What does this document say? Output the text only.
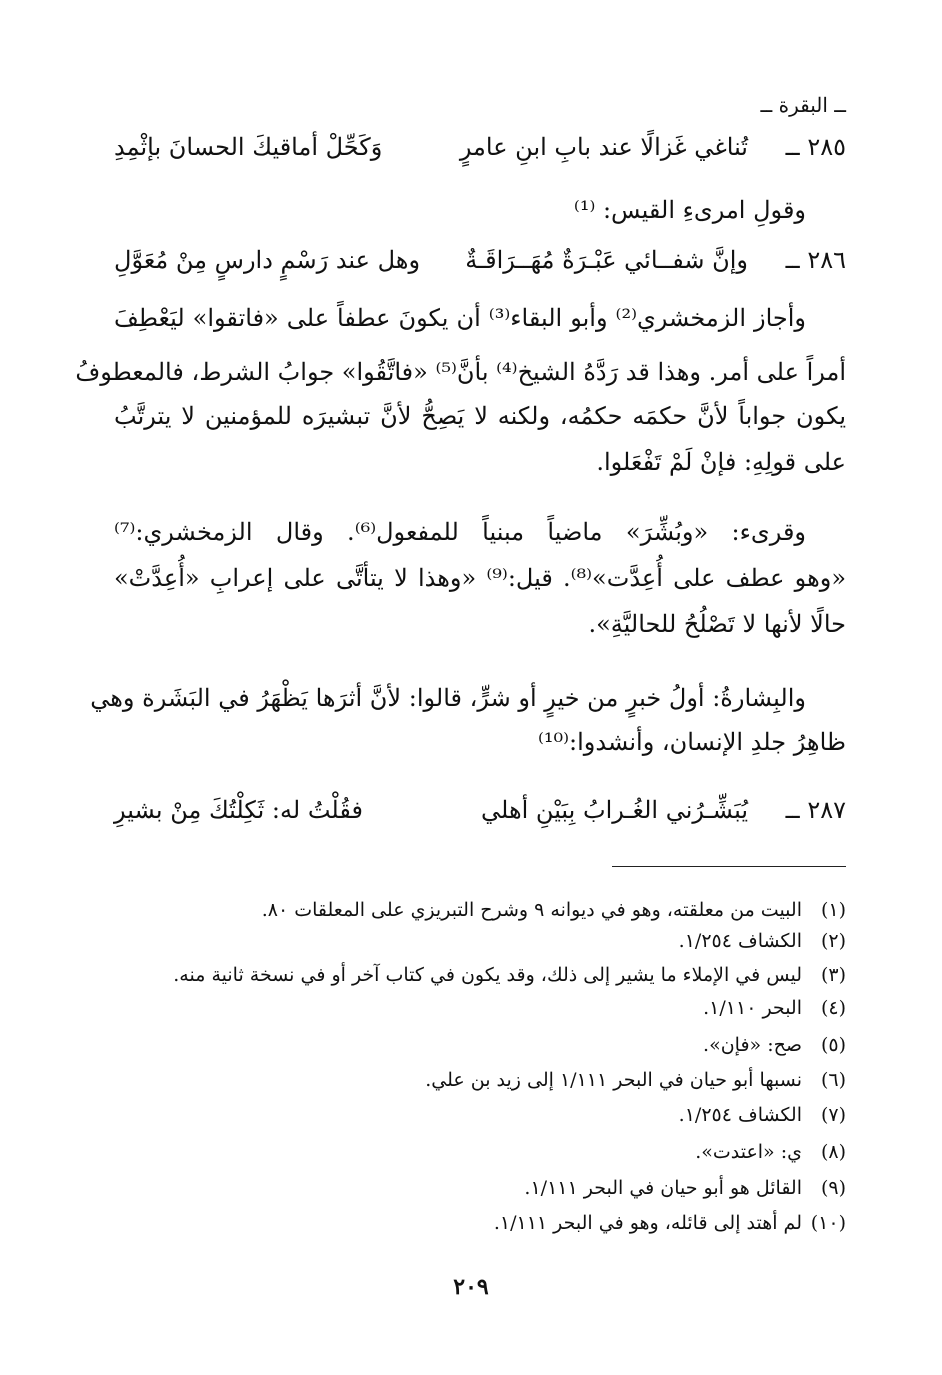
ــ البقرة ــ
٢٨٥ ــ
تُناغي غَزالًا عند بابِ ابنِ عامرٍ
وَكَحِّلْ أماقيكَ الحسانَ بإثْمِدِ
وقولِ امرىءِ القيس: ⁽¹⁾
٢٨٦ ــ
وإنَّ شفــائي عَبْـرَةٌ مُهَــرَاقَـةٌ
وهل عند رَسْمٍ دارسٍ مِنْ مُعَوَّلِ
وأجاز الزمخشري⁽²⁾ وأبو البقاء⁽³⁾ أن يكونَ عطفاً على «فاتقوا» ليَعْطِفَ
أمراً على أمر. وهذا قد رَدَّهُ الشيخ⁽⁴⁾ بأنَّ⁽⁵⁾ «فاتَّقُوا» جوابُ الشرط، فالمعطوفُ
يكون جواباً لأنَّ حكمَه حكمُه، ولكنه لا يَصِحُّ لأنَّ تبشيرَه للمؤمنين لا يترتَّبُ
على قولِهِ: فإنْ لَمْ تَفْعَلوا.
وقرىء: «وبُشِّرَ» ماضياً مبنياً للمفعول⁽⁶⁾. وقال الزمخشري:⁽⁷⁾
«وهو عطف على أُعِدَّت»⁽⁸⁾. قيل:⁽⁹⁾ «وهذا لا يتأتَّى على إعرابِ «أُعِدَّتْ»
حالًا لأنها لا تَصْلُحُ للحاليَّةِ».
والبِشارةُ: أولُ خبرٍ من خيرٍ أو شرٍّ، قالوا: لأنَّ أثرَها يَظْهَرُ في البَشَرة وهي
ظاهِرُ جلدِ الإنسان، وأنشدوا:⁽¹⁰⁾
٢٨٧ ــ
يُبَشِّـرُني الغُـرابُ بِبَيْنِ أهلي
فقُلْتُ له: ثَكِلْتُكَ مِنْ بشيرِ
(١)البيت من معلقته، وهو في ديوانه ٩ وشرح التبريزي على المعلقات ٨٠.
(٢)الكشاف ١/٢٥٤.
(٣)ليس في الإملاء ما يشير إلى ذلك، وقد يكون في كتاب آخر أو في نسخة ثانية منه.
(٤)البحر ١/١١٠.
(٥)صح: «فإن».
(٦)نسبها أبو حيان في البحر ١/١١١ إلى زيد بن علي.
(٧)الكشاف ١/٢٥٤.
(٨)ي: «اعتدت».
(٩)القائل هو أبو حيان في البحر ١/١١١.
(١٠)لم أهتد إلى قائله، وهو في البحر ١/١١١.
٢٠٩
